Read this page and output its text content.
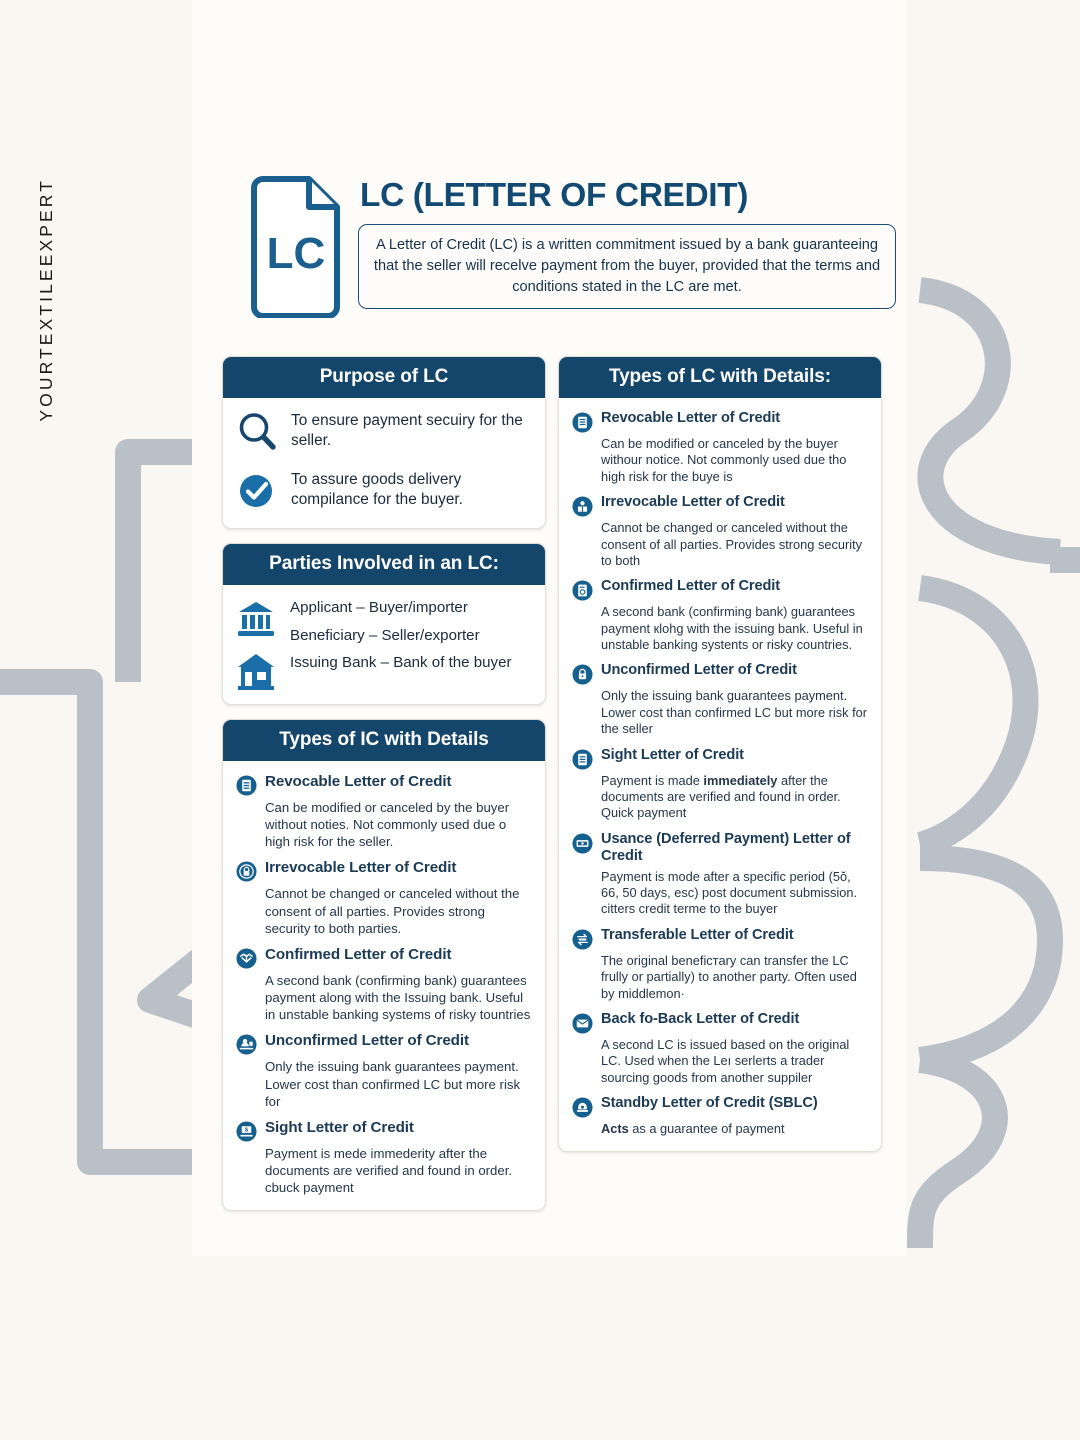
YOURTEXTILEEXPERT	LC
LC (LETTER OF CREDIT)

A Letter of Credit (LC) is a written commitment issued by a bank guaranteeing that the seller will recelve payment from the buyer, provided that the terms and conditions stated in the LC are met.

Purpose of LC
To ensure payment secuiry for the seller.
To assure goods delivery compilance for the buyer.
Parties Involved in an LC:
Applicant – Buyer/importer
Beneficiary – Seller/exporter
Issuing Bank – Bank of the buyer
Types of IC with Details
Revocable Letter of Credit
Can be modified or canceled by the buyer without noties. Not commonly used due o high risk for the seller.
Irrevocable Letter of Credit
Cannot be changed or canceled without the consent of all parties. Provides strong security to both parties.
Confirmed Letter of Credit
A second bank (confirming bank) guarantees payment along with the Issuing bank. Useful in unstable banking systems of risky tountries
Unconfirmed Letter of Credit
Only the issuing bank guarantees payment. Lower cost than confirmed LC but more risk for
$ Sight Letter of Credit
Payment is mede immederity after the documents are verified and found in order. cbuck payment
Types of LC with Details:
Revocable Letter of Credit
Can be modified or canceled by the buyer withour notice. Not commonly used due tho high risk for the buye is
Irrevocable Letter of Credit
Cannot be changed or canceled without the consent of all parties. Provides strong security to both
Confirmed Letter of Credit
A second bank (confirming bank) guarantees payment кlohg with the issuing bank. Useful in unstable banking systents or risky countries.
Unconfirmed Letter of Credit
Only the issuing bank guarantees payment. Lower cost than confirmed LC but more risk for the seller
Sight Letter of Credit
Payment is made immediately after the documents are verified and found in order. Quick payment
Usance (Deferred Payment) Letter of Credit
Payment is mode after a specific period (5ŏ, 66, 50 days, esc) post document submission. citters credit terme to the buyer
Transferable Letter of Credit
The original beneficтary can transfer the LC frully or partially) to another party. Often used by middlemon·
Back fo-Back Letter of Credit
A second LC is issued based on the original LC. Used when the Leı serlerts a trader sourcing goods from another suppiler
Standby Letter of Credit (SBLC)
Acts as a guarantee of payment
